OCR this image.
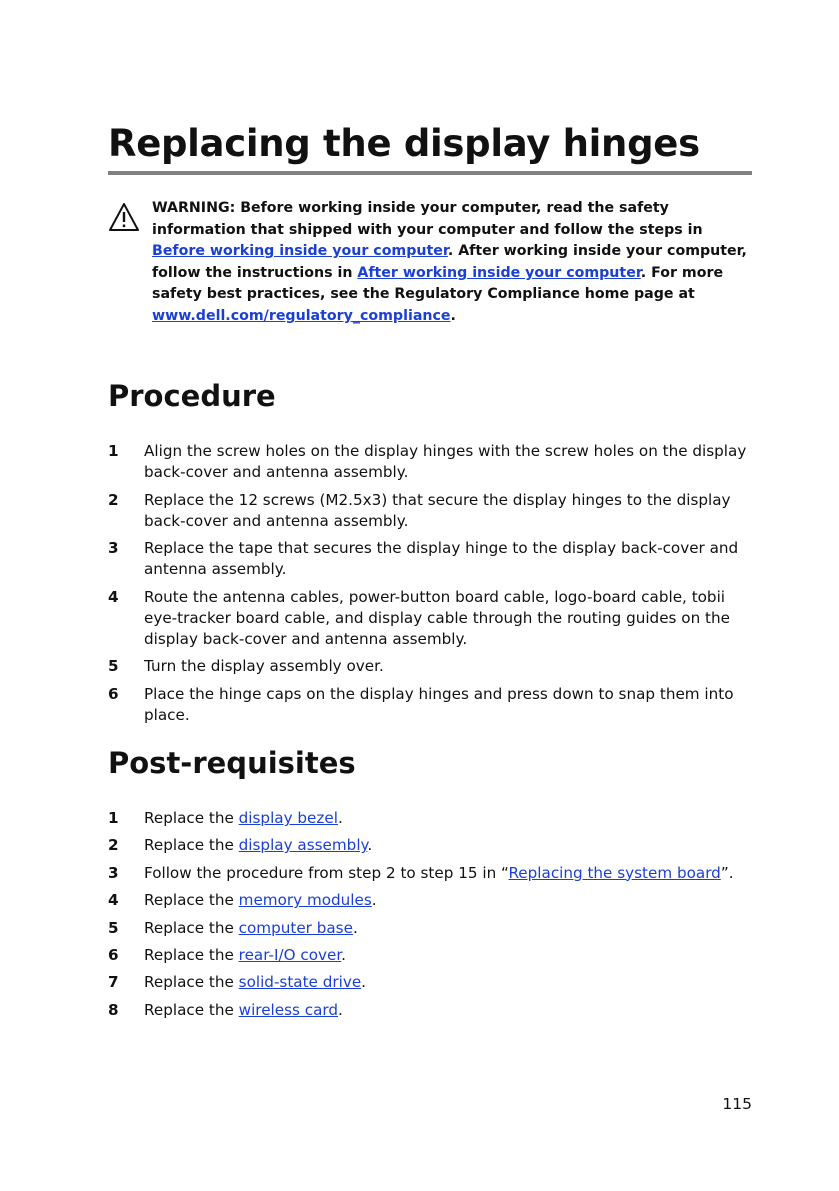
Replacing the display hinges
WARNING: Before working inside your computer, read the safety information that shipped with your computer and follow the steps in Before working inside your computer. After working inside your computer, follow the instructions in After working inside your computer. For more safety best practices, see the Regulatory Compliance home page at www.dell.com/regulatory_compliance.
Procedure
1 Align the screw holes on the display hinges with the screw holes on the display back-cover and antenna assembly.
2 Replace the 12 screws (M2.5x3) that secure the display hinges to the display back-cover and antenna assembly.
3 Replace the tape that secures the display hinge to the display back-cover and antenna assembly.
4 Route the antenna cables, power-button board cable, logo-board cable, tobii eye-tracker board cable, and display cable through the routing guides on the display back-cover and antenna assembly.
5 Turn the display assembly over.
6 Place the hinge caps on the display hinges and press down to snap them into place.
Post-requisites
1 Replace the display bezel.
2 Replace the display assembly.
3 Follow the procedure from step 2 to step 15 in “Replacing the system board”.
4 Replace the memory modules.
5 Replace the computer base.
6 Replace the rear-I/O cover.
7 Replace the solid-state drive.
8 Replace the wireless card.
115
